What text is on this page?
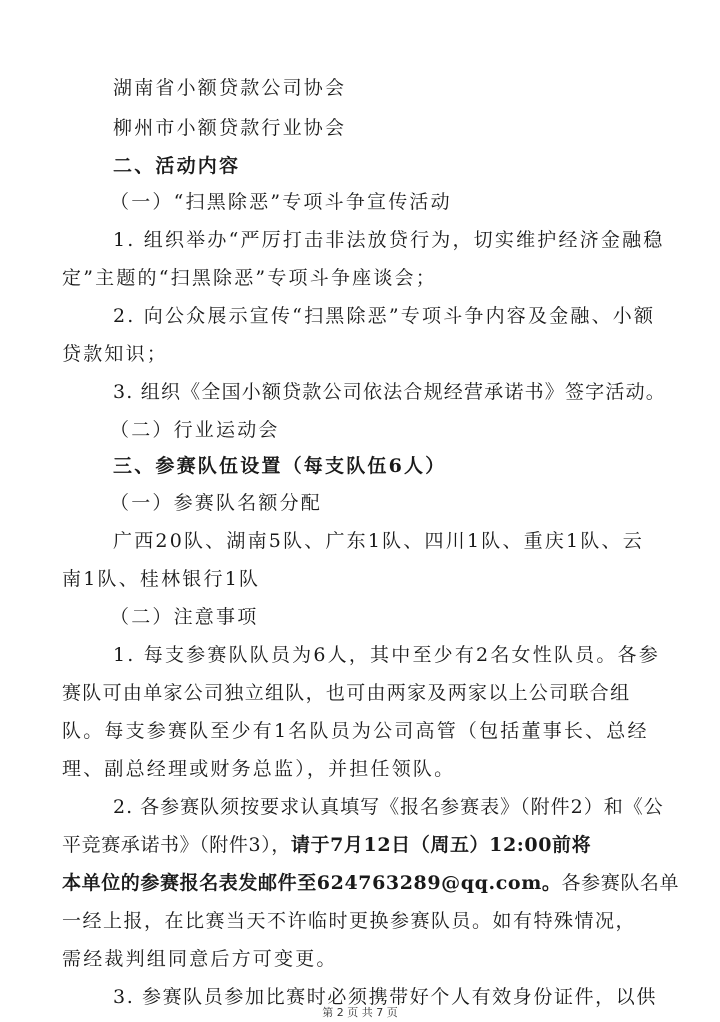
湖南省小额贷款公司协会
柳州市小额贷款行业协会
二、活动内容
（一）“扫黑除恶”专项斗争宣传活动
1. 组织举办“严厉打击非法放贷行为，切实维护经济金融稳
定”主题的“扫黑除恶”专项斗争座谈会；
2. 向公众展示宣传“扫黑除恶”专项斗争内容及金融、小额
贷款知识；
3. 组织《全国小额贷款公司依法合规经营承诺书》签字活动。
（二）行业运动会
三、参赛队伍设置（每支队伍6人）
（一）参赛队名额分配
广西20队、湖南5队、广东1队、四川1队、重庆1队、云
南1队、桂林银行1队
（二）注意事项
1. 每支参赛队队员为6人，其中至少有2名女性队员。各参
赛队可由单家公司独立组队，也可由两家及两家以上公司联合组
队。每支参赛队至少有1名队员为公司高管（包括董事长、总经
理、副总经理或财务总监），并担任领队。
2. 各参赛队须按要求认真填写《报名参赛表》（附件2）和《公
平竞赛承诺书》（附件3），请于7月12日（周五）12:00前将
本单位的参赛报名表发邮件至624763289@qq.com。各参赛队名单
一经上报，在比赛当天不许临时更换参赛队员。如有特殊情况，
需经裁判组同意后方可变更。
3. 参赛队员参加比赛时必须携带好个人有效身份证件，以供
第 2 页 共 7 页
